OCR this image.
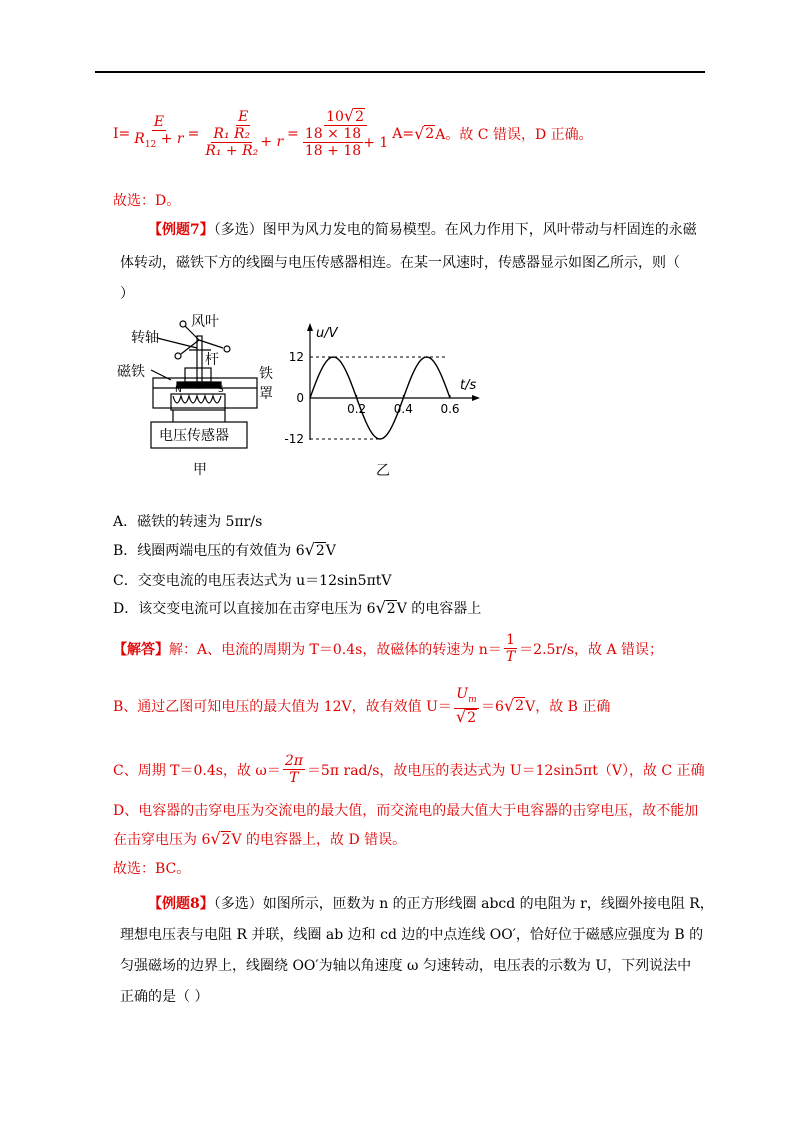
$I = \frac{E}{R_{12} + r} = \frac{E}{\frac{\text{R₁ R₂}}{\text{R₁ + R₂}} + r} = \frac{10√2}{\frac{18 \times 18}{18 + 18} + 1}$ A = √ 2 A。故 C 错误，D 正确。
故选：D。
【例题7】（多选）图甲为风力发电的简易模型。在风力作用下，风叶带动与杆固连的永磁
体转动，磁铁下方的线圈与电压传感器相连。在某一风速时，传感器显示如图乙所示，则（
）
风叶
转轴
杆
磁铁
N	S
铁
罩
电压传感器
甲
u/V
t/s
12
0
-12
0.2 0.4 0.6
乙
A．磁铁的转速为 5πr/s
B．线圈两端电压的有效值为 6√2V
C．交变电流的电压表达式为 u＝12sin5πtV
D．该交变电流可以直接加在击穿电压为 6√2V 的电容器上
【解答】 解：A、电流的周期为 T＝0.4s，故磁体的转速为 $n= \frac{1}{T} =2.5r/s$，故 A 错误；
B、通过乙图可知电压的最大值为 12V，故有效值 $U= \frac{U_m}{√2} =6$ √ 2 V，故 B 正确
C、周期 T＝0.4s，故 $\omega= \frac{2\pi}{T} =5\pi$ rad/s，故电压的表达式为 U＝12sin5πt（V），故 C 正确
D、电容器的击穿电压为交流电的最大值，而交流电的最大值大于电容器的击穿电压，故不能加
在击穿电压为 6√2V 的电容器上，故 D 错误。
故选：BC。
【例题8】（多选）如图所示，匝数为 n 的正方形线圈 abcd 的电阻为 r，线圈外接电阻 R，
理想电压表与电阻 R 并联，线圈 ab 边和 cd 边的中点连线 OO′，恰好位于磁感应强度为 B 的
匀强磁场的边界上，线圈绕 OO′为轴以角速度 ω 匀速转动，电压表的示数为 U，下列说法中
正确的是（ ）
